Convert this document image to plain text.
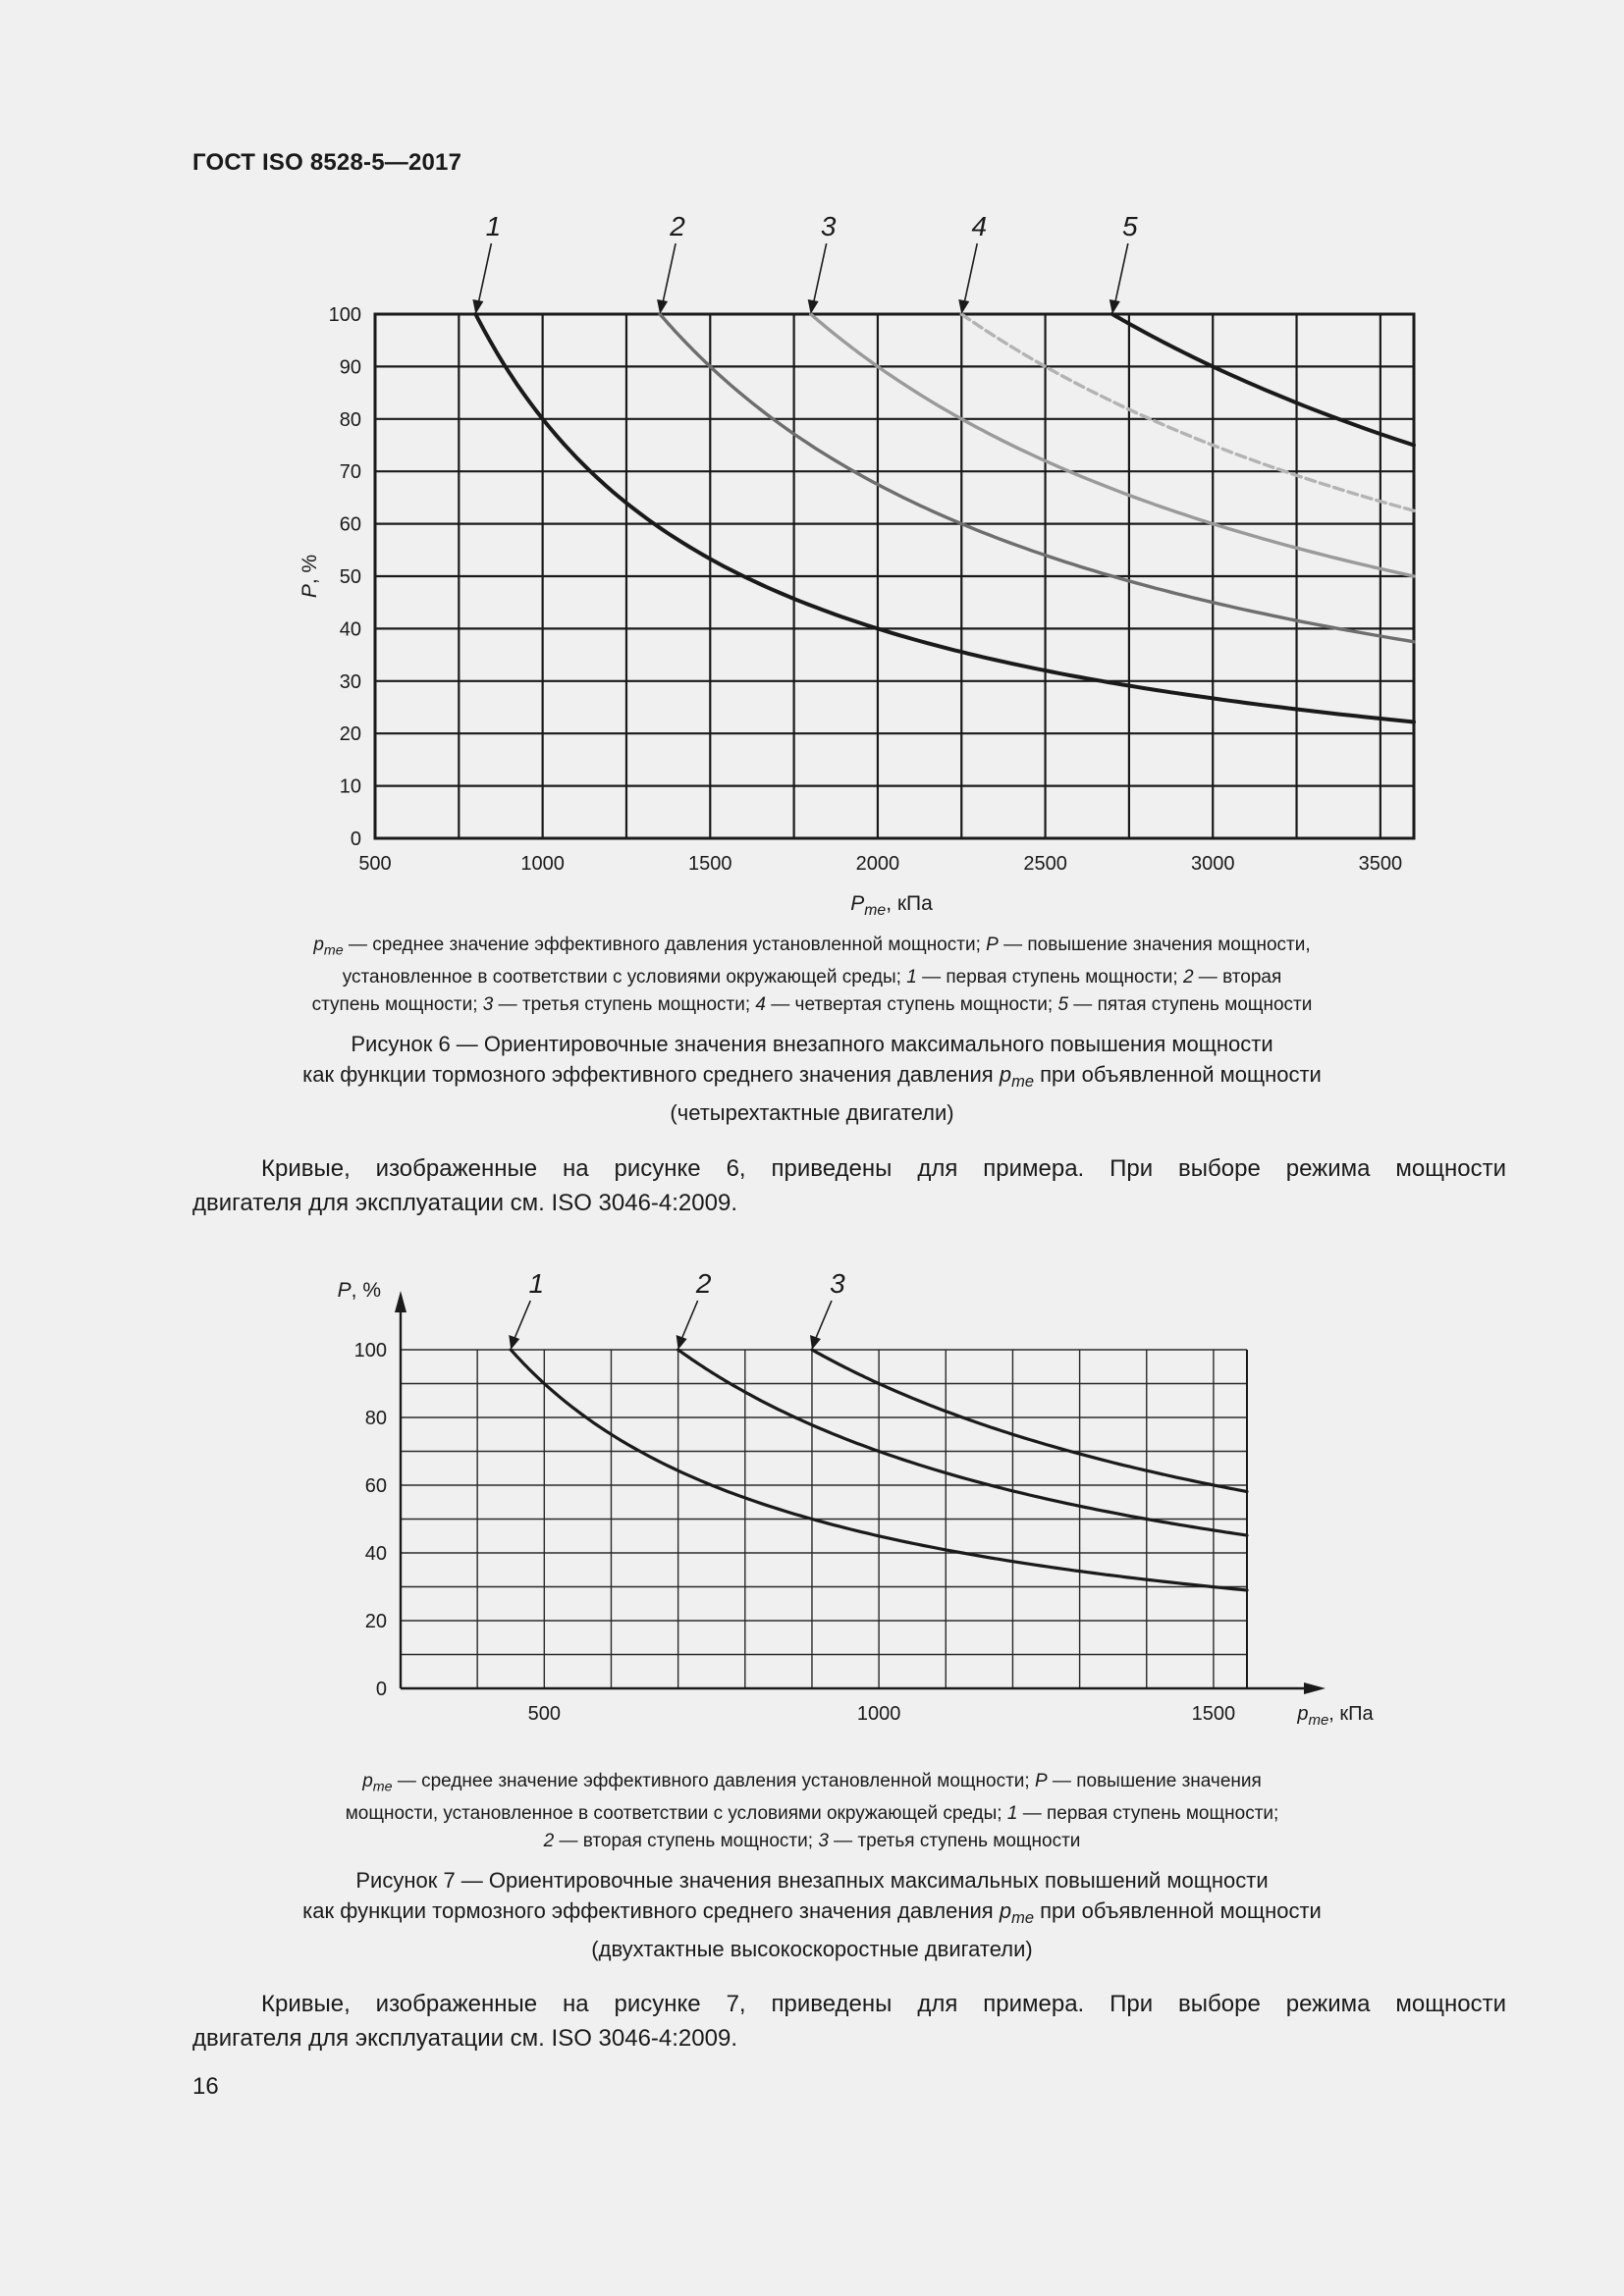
ГОСТ ISO 8528-5—2017
0
10
20
30
40
50
60
70
80
90
100
500	1000	1500	2000	2500	3000	3500
$P_{me}$, кПа
P, %
1	2	3	4	5
$p_{me}$ — среднее значение эффективного давления установленной мощности; P — повышение значения мощности,
установленное в соответствии с условиями окружающей среды; 1 — первая ступень мощности; 2 — вторая
ступень мощности; 3 — третья ступень мощности; 4 — четвертая ступень мощности; 5 — пятая ступень мощности
Рисунок 6 — Ориентировочные значения внезапного максимального повышения мощности
как функции тормозного эффективного среднего значения давления $p_{me}$ при объявленной мощности
(четырехтактные двигатели)
Кривые, изображенные на рисунке 6, приведены для примера. При выборе режима мощности
двигателя для эксплуатации см. ISO 3046-4:2009.
0
20
40
60
80
100
500	1000	1500
P, %
$p_{me}$, кПа
1	2	3
$p_{me}$ — среднее значение эффективного давления установленной мощности; P — повышение значения
мощности, установленное в соответствии с условиями окружающей среды; 1 — первая ступень мощности;
2 — вторая ступень мощности; 3 — третья ступень мощности
Рисунок 7 — Ориентировочные значения внезапных максимальных повышений мощности
как функции тормозного эффективного среднего значения давления $p_{me}$ при объявленной мощности
(двухтактные высокоскоростные двигатели)
Кривые, изображенные на рисунке 7, приведены для примера. При выборе режима мощности
двигателя для эксплуатации см. ISO 3046-4:2009.
16
